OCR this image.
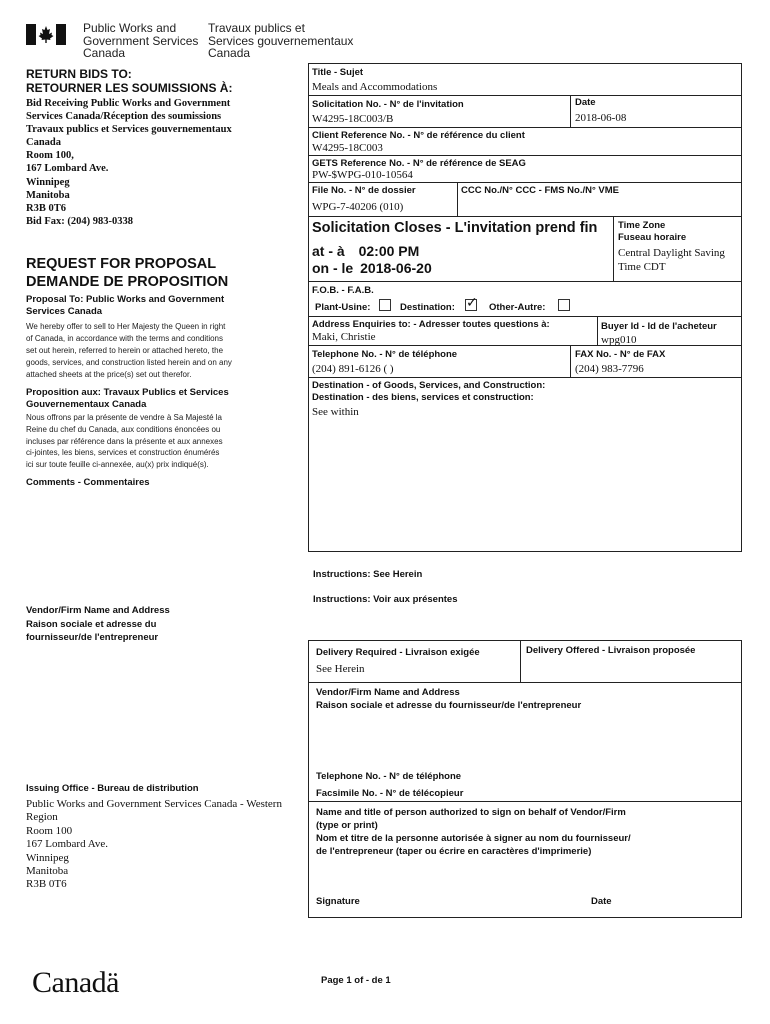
Public Works and
Government Services
Canada
Travaux publics et
Services gouvernementaux
Canada
RETURN BIDS TO:
RETOURNER LES SOUMISSIONS À:
Bid Receiving Public Works and Government
Services Canada/Réception des soumissions
Travaux publics et Services gouvernementaux
Canada
Room 100,
167 Lombard Ave.
Winnipeg
Manitoba
R3B 0T6
Bid Fax: (204) 983-0338
REQUEST FOR PROPOSAL
DEMANDE DE PROPOSITION
Proposal To: Public Works and Government
Services Canada
We hereby offer to sell to Her Majesty the Queen in right
of Canada, in accordance with the terms and conditions
set out herein, referred to herein or attached hereto, the
goods, services, and construction listed herein and on any
attached sheets at the price(s) set out therefor.
Proposition aux: Travaux Publics et Services
Gouvernementaux Canada
Nous offrons par la présente de vendre à Sa Majesté la
Reine du chef du Canada, aux conditions énoncées ou
incluses par référence dans la présente et aux annexes
ci-jointes, les biens, services et construction énumérés
ici sur toute feuille ci-annexée, au(x) prix indiqué(s).
Comments - Commentaires
Vendor/Firm Name and Address
Raison sociale et adresse du
fournisseur/de l'entrepreneur
Issuing Office - Bureau de distribution
Public Works and Government Services Canada - Western
Region
Room 100
167 Lombard Ave.
Winnipeg
Manitoba
R3B 0T6
Title - Sujet
Meals and Accommodations
Solicitation No. - N° de l'invitation
W4295-18C003/B
Date
2018-06-08
Client Reference No. - N° de référence du client
W4295-18C003
GETS Reference No. - N° de référence de SEAG
PW-$WPG-010-10564
File No. - N° de dossier
WPG-7-40206 (010)
CCC No./N° CCC - FMS No./N° VME
Solicitation Closes - L'invitation prend fin
at - à 02:00 PM
on - le 2018-06-20
Time Zone
Fuseau horaire
Central Daylight Saving
Time CDT
F.O.B. - F.A.B.
Plant-Usine:	Destination: ✓ Other-Autre:
Address Enquiries to: - Adresser toutes questions à:
Maki, Christie
Buyer Id - Id de l'acheteur
wpg010
Telephone No. - N° de téléphone
(204) 891-6126 ( )
FAX No. - N° de FAX
(204) 983-7796
Destination - of Goods, Services, and Construction:
Destination - des biens, services et construction:
See within
Instructions: See Herein
Instructions: Voir aux présentes
Delivery Required - Livraison exigée
See Herein
Delivery Offered - Livraison proposée
Vendor/Firm Name and Address
Raison sociale et adresse du fournisseur/de l'entrepreneur
Telephone No. - N° de téléphone
Facsimile No. - N° de télécopieur
Name and title of person authorized to sign on behalf of Vendor/Firm
(type or print)
Nom et titre de la personne autorisée à signer au nom du fournisseur/
de l'entrepreneur (taper ou écrire en caractères d'imprimerie)
Signature	Date
Canadä	Page 1 of - de 1
